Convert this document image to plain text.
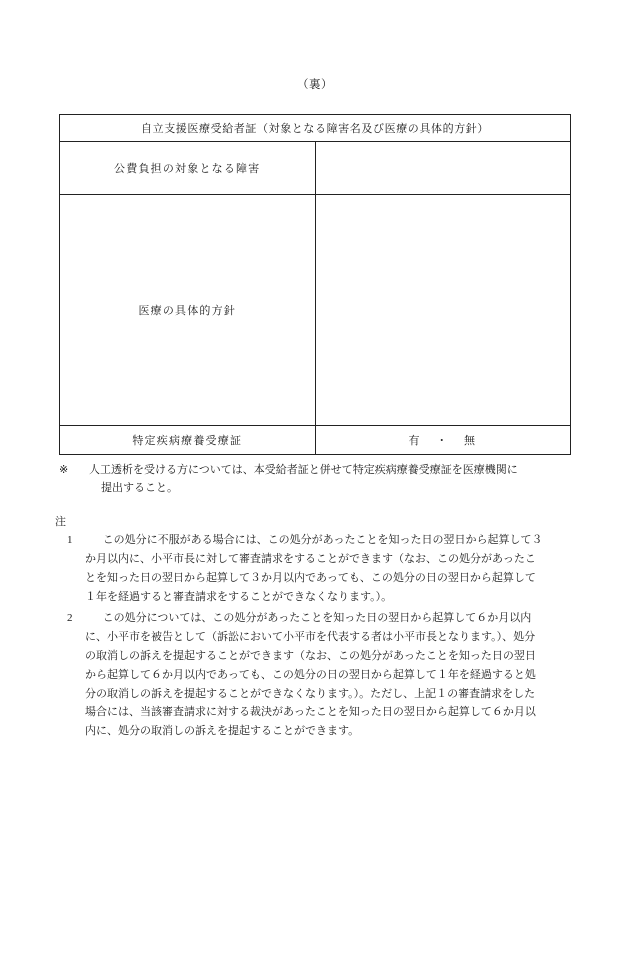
（裏）
自立支援医療受給者証（対象となる障害名及び医療の具体的方針）	
公費負担の対象となる障害	
医療の具体的方針	
特定疾病療養受療証	有 ・ 無
※	人工透析を受ける方については、本受給者証と併せて特定疾病療養受療証を医療機関に
提出すること。
注
1	この処分に不服がある場合には、この処分があったことを知った日の翌日から起算して３

か月以内に、小平市長に対して審査請求をすることができます（なお、この処分があったこ

とを知った日の翌日から起算して３か月以内であっても、この処分の日の翌日から起算して

１年を経過すると審査請求をすることができなくなります。）。

2	この処分については、この処分があったことを知った日の翌日から起算して６か月以内

に、小平市を被告として（訴訟において小平市を代表する者は小平市長となります。）、処分

の取消しの訴えを提起することができます（なお、この処分があったことを知った日の翌日

から起算して６か月以内であっても、この処分の日の翌日から起算して１年を経過すると処

分の取消しの訴えを提起することができなくなります。）。ただし、上記１の審査請求をした

場合には、当該審査請求に対する裁決があったことを知った日の翌日から起算して６か月以

内に、処分の取消しの訴えを提起することができます。
